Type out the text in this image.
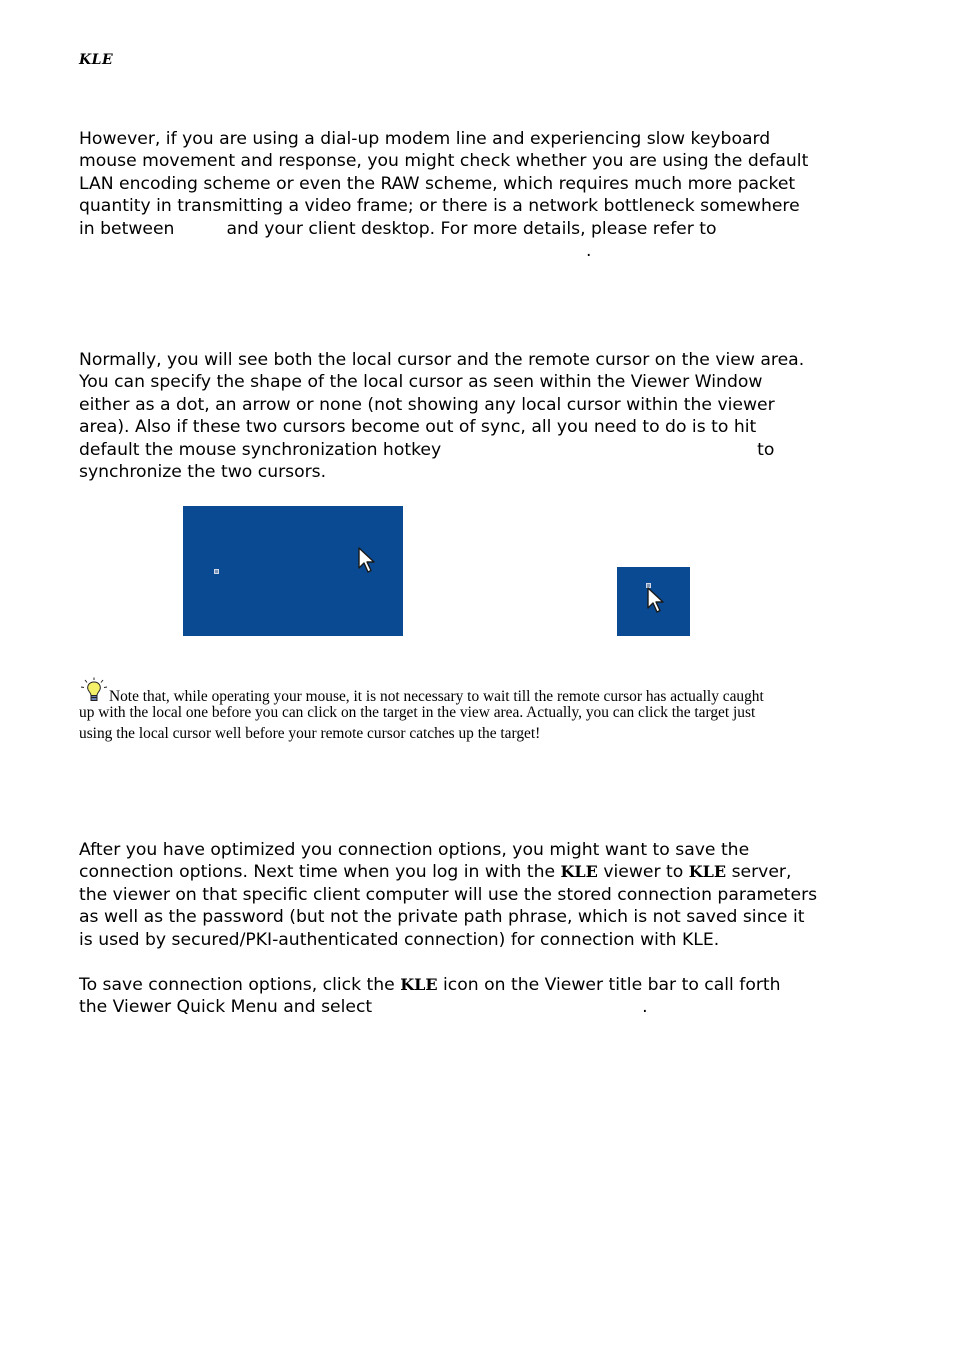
KLE
However, if you are using a dial-up modem line and experiencing slow keyboard
mouse movement and response, you might check whether you are using the default
LAN encoding scheme or even the RAW scheme, which requires much more packet
quantity in transmitting a video frame; or there is a network bottleneck somewhere
in between	and your client desktop. For more details, please refer to
.
Normally, you will see both the local cursor and the remote cursor on the view area.
You can specify the shape of the local cursor as seen within the Viewer Window
either as a dot, an arrow or none (not showing any local cursor within the viewer
area). Also if these two cursors become out of sync, all you need to do is to hit
default the mouse synchronization hotkey	to
synchronize the two cursors.
Note that, while operating your mouse, it is not necessary to wait till the remote cursor has actually caught
up with the local one before you can click on the target in the view area. Actually, you can click the target just
using the local cursor well before your remote cursor catches up the target!
After you have optimized you connection options, you might want to save the
connection options. Next time when you log in with the KLE viewer to KLE server,
the viewer on that specific client computer will use the stored connection parameters
as well as the password (but not the private path phrase, which is not saved since it
is used by secured/PKI-authenticated connection) for connection with KLE.
To save connection options, click the KLE icon on the Viewer title bar to call forth
the Viewer Quick Menu and select	.
